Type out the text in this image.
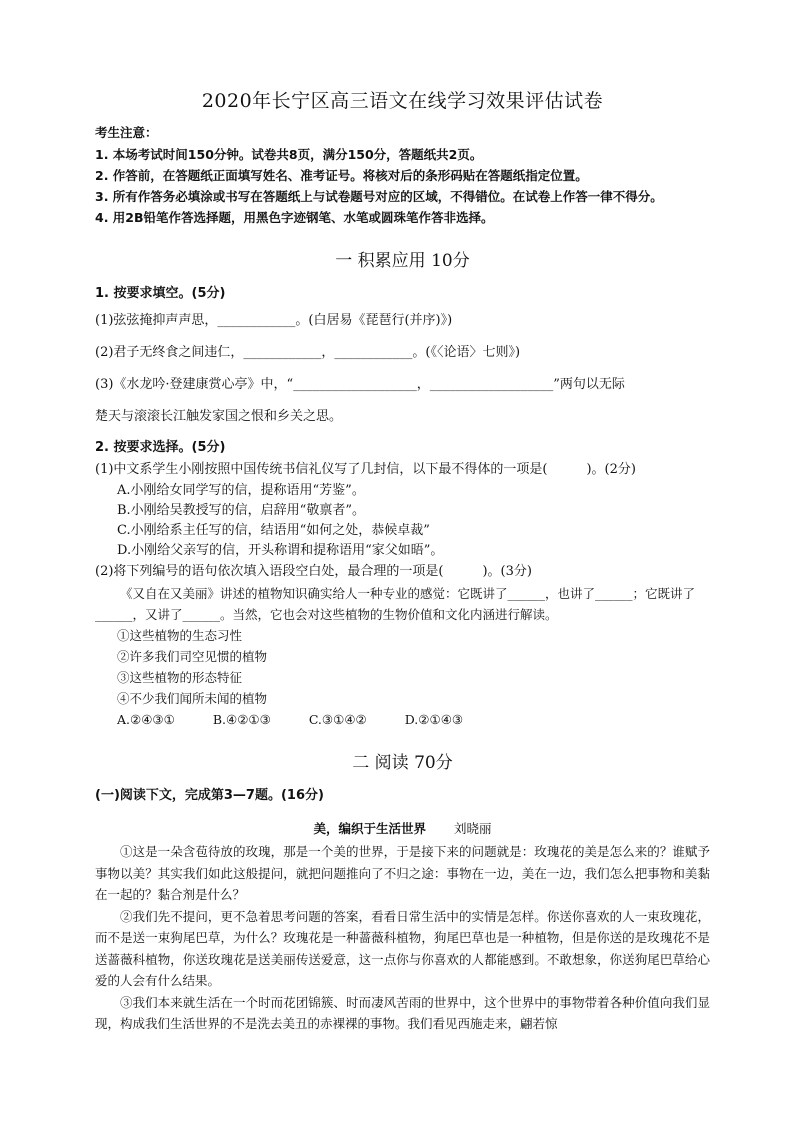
2020年长宁区高三语文在线学习效果评估试卷

考生注意：

1. 本场考试时间150分钟。试卷共8页，满分150分，答题纸共2页。

2. 作答前，在答题纸正面填写姓名、准考证号。将核对后的条形码贴在答题纸指定位置。

3. 所有作答务必填涂或书写在答题纸上与试卷题号对应的区域，不得错位。在试卷上作答一律不得分。

4. 用2B铅笔作答选择题，用黑色字迹钢笔、水笔或圆珠笔作答非选择。

一 积累应用 10分

1. 按要求填空。(5分)

(1)弦弦掩抑声声思，____________。(白居易《琵琶行(并序)》)

(2)君子无终食之间违仁，____________，____________。(《〈论语〉七则》)

(3)《水龙吟·登建康赏心亭》中，“___________________，___________________”两句以无际

楚天与滚滚长江触发家国之恨和乡关之思。

2. 按要求选择。(5分)

(1)中文系学生小刚按照中国传统书信礼仪写了几封信，以下最不得体的一项是(　　　)。(2分)

A.小刚给女同学写的信，提称语用“芳鉴”。

B.小刚给吴教授写的信，启辞用“敬禀者”。

C.小刚给系主任写的信，结语用“如何之处，恭候卓裁”

D.小刚给父亲写的信，开头称谓和提称语用“家父如晤”。

(2)将下列编号的语句依次填入语段空白处，最合理的一项是(　　　)。(3分)

《又自在又美丽》讲述的植物知识确实给人一种专业的感觉：它既讲了______，也讲了______；它既讲了______，又讲了______。当然，它也会对这些植物的生物价值和文化内涵进行解读。

①这些植物的生态习性

②许多我们司空见惯的植物

③这些植物的形态特征

④不少我们闻所未闻的植物

A.②④③①	B.④②①③	C.③①④②	D.②①④③

二 阅读 70分

(一)阅读下文，完成第3—7题。(16分)

美，编织于生活世界 刘晓丽

①这是一朵含苞待放的玫瑰，那是一个美的世界，于是接下来的问题就是：玫瑰花的美是怎么来的？谁赋予事物以美？其实我们如此这般提问，就把问题推向了不归之途：事物在一边，美在一边，我们怎么把事物和美黏在一起的？黏合剂是什么？

②我们先不提问，更不急着思考问题的答案，看看日常生活中的实情是怎样。你送你喜欢的人一束玫瑰花，而不是送一束狗尾巴草，为什么？玫瑰花是一种蔷薇科植物，狗尾巴草也是一种植物，但是你送的是玫瑰花不是送蔷薇科植物，你送玫瑰花是送美丽传送爱意，这一点你与你喜欢的人都能感到。不敢想象，你送狗尾巴草给心爱的人会有什么结果。

③我们本来就生活在一个时而花团锦簇、时而凄风苦雨的世界中，这个世界中的事物带着各种价值向我们显现，构成我们生活世界的不是洗去美丑的赤裸裸的事物。我们看见西施走来，翩若惊
